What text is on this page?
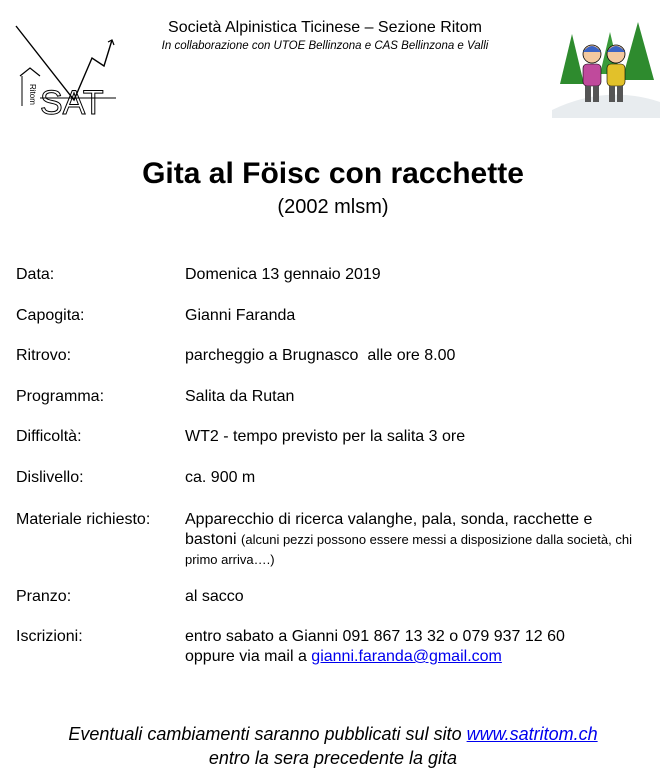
Ritom SAT
Società Alpinistica Ticinese – Sezione Ritom
In collaborazione con UTOE Bellinzona e CAS Bellinzona e Valli
Gita al Föisc con racchette
(2002 mlsm)
Data:	Domenica 13 gennaio 2019
Capogita:	Gianni Faranda
Ritrovo:	parcheggio a Brugnasco  alle ore 8.00
Programma:	Salita da Rutan
Difficoltà:	WT2 - tempo previsto per la salita 3 ore
Dislivello:	ca. 900 m
Materiale richiesto: Apparecchio di ricerca valanghe, pala, sonda, racchette e bastoni (alcuni pezzi possono essere messi a disposizione dalla società, chi primo arriva….)
Pranzo:	al sacco
Iscrizioni:	entro sabato a Gianni 091 867 13 32 o 079 937 12 60
oppure via mail a gianni.faranda@gmail.com
Eventuali cambiamenti saranno pubblicati sul sito www.satritom.ch
entro la sera precedente la gita
